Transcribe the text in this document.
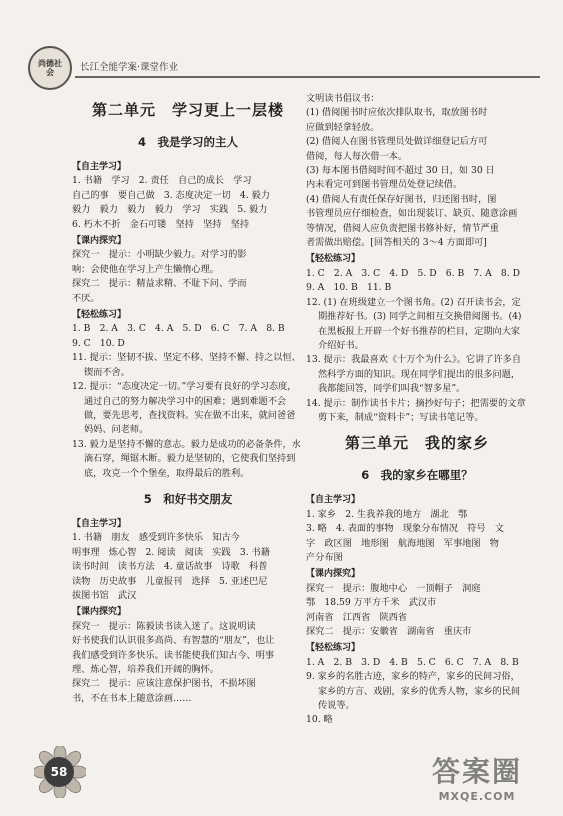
尚德社会	长江全能学案·课堂作业
第二单元　学习更上一层楼
4　我是学习的主人
【自主学习】

1. 书籍　学习　2. 责任　自己的成长　学习

自己的事　要自己做　3. 态度决定一切　4. 毅力

毅力　毅力　毅力　毅力　学习　实践　5. 毅力

6. 朽木不折　金石可镂　坚持　坚持　坚持

【课内探究】

探究一　提示：小明缺少毅力。对学习的影

响：会使他在学习上产生懒惰心理。

探究二　提示：精益求精、不耻下问、学而

不厌。

【轻松练习】

1. B　2. A　3. C　4. A　5. D　6. C　7. A　8. B

9. C　10. D

11. 提示：坚韧不拔、坚定不移、坚持不懈、持之以恒、锲而不舍。

12. 提示：“态度决定一切。”学习要有良好的学习态度，通过自己的努力解决学习中的困难；遇到难题不会做，要先思考，查找资料。实在做不出来，就问爸爸妈妈、问老师。

13. 毅力是坚持不懈的意志。毅力是成功的必备条件，水滴石穿，绳锯木断。毅力是坚韧的，它使我们坚持到底，攻克一个个堡垒，取得最后的胜利。

5　和好书交朋友
【自主学习】

1. 书籍　朋友　感受到许多快乐　知古今

明事理　炼心智　2. 阅读　阅读　实践　3. 书籍

读书时间　读书方法　4. 童话故事　诗歌　科普

读物　历史故事　儿童报刊　选择　5. 亚述巴尼

拔图书馆　武汉

【课内探究】

探究一　提示：陈毅读书读入迷了。这说明读

好书使我们认识很多高尚、有智慧的“朋友”，也让

我们感受到许多快乐。读书能使我们知古今、明事

理、炼心智，培养我们开阔的胸怀。

探究二　提示：应该注意保护图书，不损坏图

书，不在书本上随意涂画……

文明读书倡议书：

(1) 借阅图书时应依次排队取书，取放图书时

应做到轻拿轻放。

(2) 借阅人在图书管理员处做详细登记后方可

借阅，每人每次借一本。

(3) 每本图书借阅时间不超过 30 日，如 30 日

内未看完可到图书管理员处登记续借。

(4) 借阅人有责任保存好图书，归还图书时，图

书管理员应仔细检查，如出现装订、缺页、随意涂画

等情况，借阅人应负责把图书修补好，情节严重

者需做出赔偿。[回答相关的 3～4 方面即可]

【轻松练习】

1. C　2. A　3. C　4. D　5. D　6. B　7. A　8. D

9. A　10. B　11. B

12. (1) 在班级建立一个图书角。(2) 召开读书会，定期推荐好书。(3) 同学之间相互交换借阅图书。(4) 在黑板报上开辟一个好书推荐的栏目，定期向大家介绍好书。

13. 提示：我最喜欢《十万个为什么》。它讲了许多自然科学方面的知识。现在同学们提出的很多问题，我都能回答，同学们叫我“智多星”。

14. 提示：制作读书卡片；摘抄好句子；把需要的文章剪下来，制成“资料卡”；写读书笔记等。

第三单元　我的家乡
6　我的家乡在哪里？
【自主学习】

1. 家乡　2. 生我养我的地方　湖北　鄂

3. 略　4. 表面的事物　现象分布情况　符号　文

字　政区图　地形图　航海地图　军事地图　物

产分布图

【课内探究】

探究一　提示：腹地中心　一顶帽子　洞庭

鄂　18.59 万平方千米　武汉市

河南省　江西省　陕西省

探究二　提示：安徽省　湖南省　重庆市

【轻松练习】

1. A　2. B　3. D　4. B　5. C　6. C　7. A　8. B

9. 家乡的名胜古迹，家乡的特产，家乡的民间习俗，家乡的方言、戏剧，家乡的优秀人物，家乡的民间传说等。

10. 略

58	答案圈
MXQE.COM
